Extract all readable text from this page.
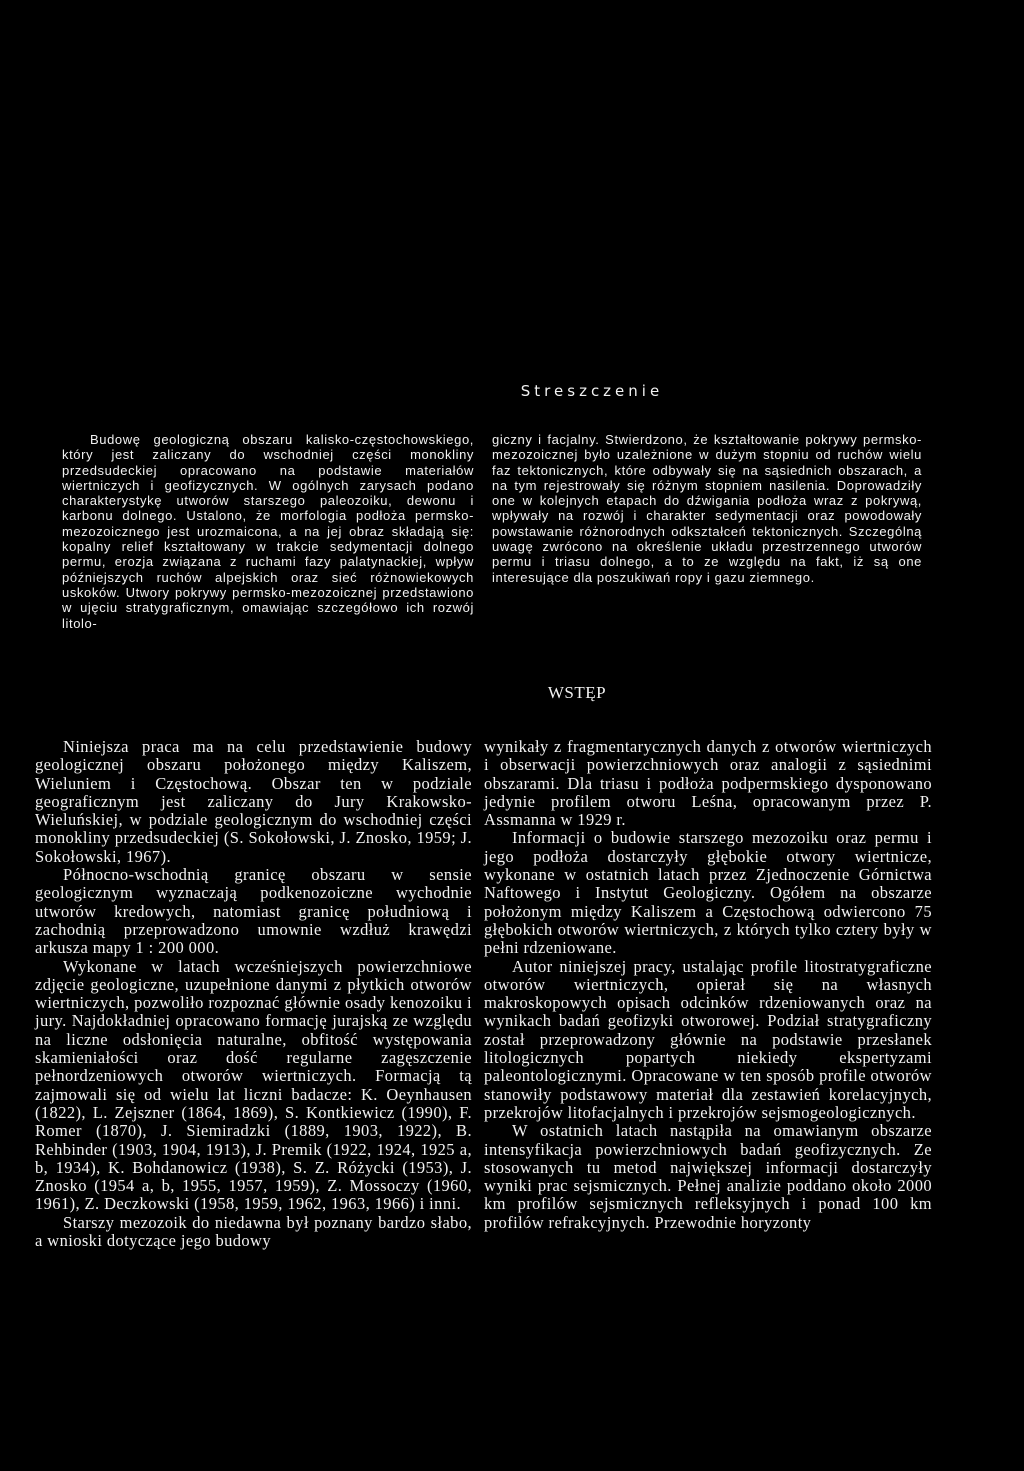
Streszczenie

Budowę geologiczną obszaru kalisko-częstochowskiego, który jest zaliczany do wschodniej części monokliny przedsudeckiej opracowano na podstawie materiałów wiertniczych i geofizycznych. W ogólnych zarysach podano charakterystykę utworów starszego paleozoiku, dewonu i karbonu dolnego. Ustalono, że morfologia podłoża permsko-mezozoicznego jest urozmaicona, a na jej obraz składają się: kopalny relief kształtowany w trakcie sedymentacji dolnego permu, erozja związana z ruchami fazy palatynackiej, wpływ późniejszych ruchów alpejskich oraz sieć różnowiekowych uskoków. Utwory pokrywy permsko-mezozoicznej przedstawiono w ujęciu stratygraficznym, omawiając szczegółowo ich rozwój litolo-

giczny i facjalny. Stwierdzono, że kształtowanie pokrywy permsko-mezozoicznej było uzależnione w dużym stopniu od ruchów wielu faz tektonicznych, które odbywały się na sąsiednich obszarach, a na tym rejestrowały się różnym stopniem nasilenia. Doprowadziły one w kolejnych etapach do dźwigania podłoża wraz z pokrywą, wpływały na rozwój i charakter sedymentacji oraz powodowały powstawanie różnorodnych odkształceń tektonicznych. Szczególną uwagę zwrócono na określenie układu przestrzennego utworów permu i triasu dolnego, a to ze względu na fakt, iż są one interesujące dla poszukiwań ropy i gazu ziemnego.

WSTĘP

Niniejsza praca ma na celu przedstawienie budowy geologicznej obszaru położonego między Kaliszem, Wieluniem i Częstochową. Obszar ten w podziale geograficznym jest zaliczany do Jury Krakowsko-Wieluńskiej, w podziale geologicznym do wschodniej części monokliny przedsudeckiej (S. Sokołowski, J. Znosko, 1959; J. Sokołowski, 1967).

Północno-wschodnią granicę obszaru w sensie geologicznym wyznaczają podkenozoiczne wychodnie utworów kredowych, natomiast granicę południową i zachodnią przeprowadzono umownie wzdłuż krawędzi arkusza mapy 1 : 200 000.

Wykonane w latach wcześniejszych powierzchniowe zdjęcie geologiczne, uzupełnione danymi z płytkich otworów wiertniczych, pozwoliło rozpoznać głównie osady kenozoiku i jury. Najdokładniej opracowano formację jurajską ze względu na liczne odsłonięcia naturalne, obfitość występowania skamieniałości oraz dość regularne zagęszczenie pełnordzeniowych otworów wiertniczych. Formacją tą zajmowali się od wielu lat liczni badacze: K. Oeynhausen (1822), L. Zejszner (1864, 1869), S. Kontkiewicz (1990), F. Romer (1870), J. Siemiradzki (1889, 1903, 1922), B. Rehbinder (1903, 1904, 1913), J. Premik (1922, 1924, 1925 a, b, 1934), K. Bohdanowicz (1938), S. Z. Różycki (1953), J. Znosko (1954 a, b, 1955, 1957, 1959), Z. Mossoczy (1960, 1961), Z. Deczkowski (1958, 1959, 1962, 1963, 1966) i inni.

Starszy mezozoik do niedawna był poznany bardzo słabo, a wnioski dotyczące jego budowy

wynikały z fragmentarycznych danych z otworów wiertniczych i obserwacji powierzchniowych oraz analogii z sąsiednimi obszarami. Dla triasu i podłoża podpermskiego dysponowano jedynie profilem otworu Leśna, opracowanym przez P. Assmanna w 1929 r.

Informacji o budowie starszego mezozoiku oraz permu i jego podłoża dostarczyły głębokie otwory wiertnicze, wykonane w ostatnich latach przez Zjednoczenie Górnictwa Naftowego i Instytut Geologiczny. Ogółem na obszarze położonym między Kaliszem a Częstochową odwiercono 75 głębokich otworów wiertniczych, z których tylko cztery były w pełni rdzeniowane.

Autor niniejszej pracy, ustalając profile litostratygraficzne otworów wiertniczych, opierał się na własnych makroskopowych opisach odcinków rdzeniowanych oraz na wynikach badań geofizyki otworowej. Podział stratygraficzny został przeprowadzony głównie na podstawie przesłanek litologicznych popartych niekiedy ekspertyzami paleontologicznymi. Opracowane w ten sposób profile otworów stanowiły podstawowy materiał dla zestawień korelacyjnych, przekrojów litofacjalnych i przekrojów sejsmogeologicznych.

W ostatnich latach nastąpiła na omawianym obszarze intensyfikacja powierzchniowych badań geofizycznych. Ze stosowanych tu metod największej informacji dostarczyły wyniki prac sejsmicznych. Pełnej analizie poddano około 2000 km profilów sejsmicznych refleksyjnych i ponad 100 km profilów refrakcyjnych. Przewodnie horyzonty
